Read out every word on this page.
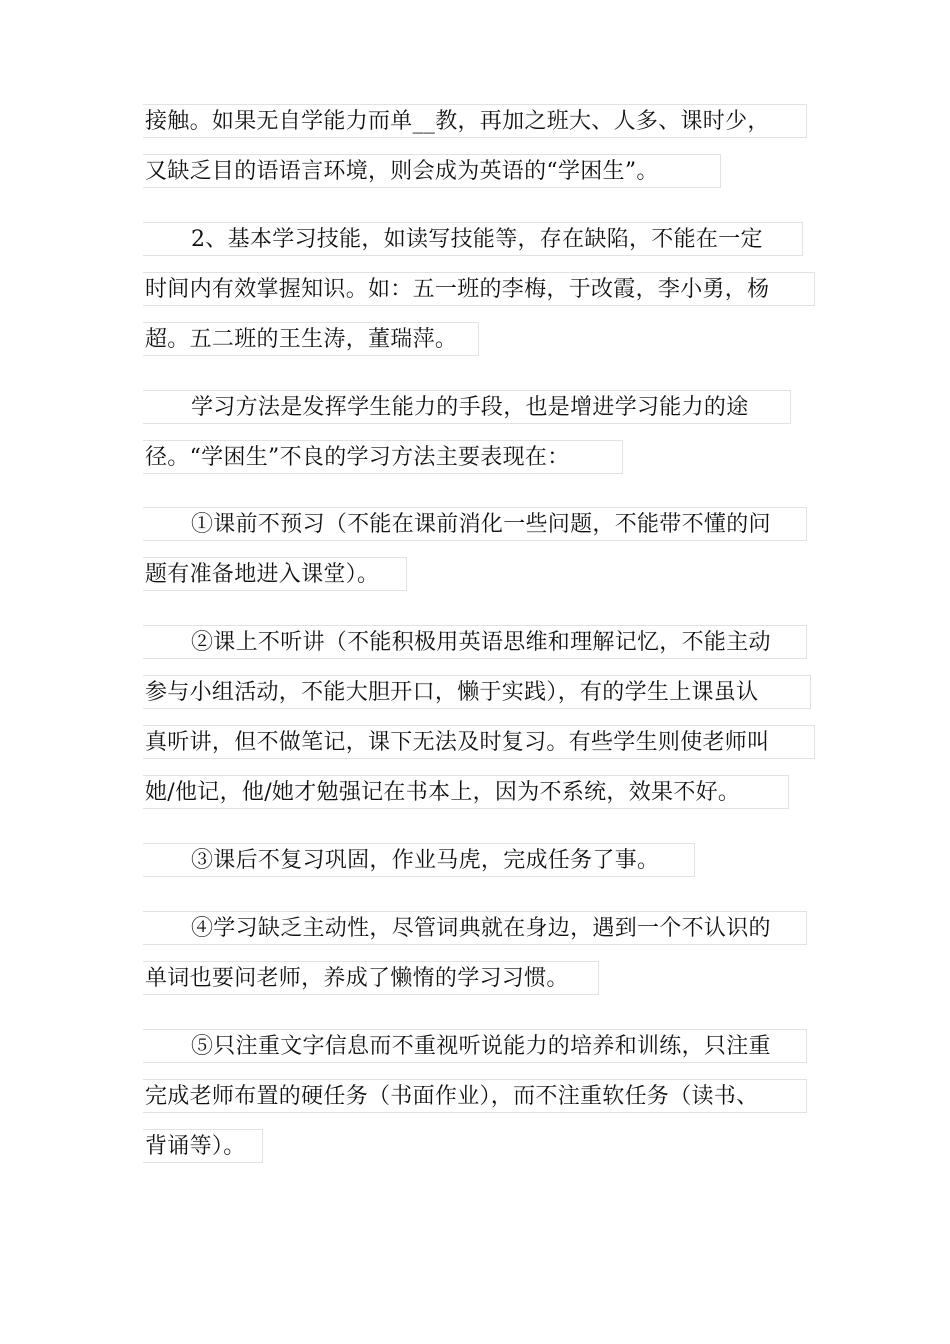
接触。如果无自学能力而单__教，再加之班大、人多、课时少，
又缺乏目的语语言环境，则会成为英语的“学困生”。
2、基本学习技能，如读写技能等，存在缺陷，不能在一定
时间内有效掌握知识。如：五一班的李梅，于改霞，李小勇，杨
超。五二班的王生涛，董瑞萍。
学习方法是发挥学生能力的手段，也是增进学习能力的途
径。“学困生”不良的学习方法主要表现在：
①课前不预习（不能在课前消化一些问题，不能带不懂的问
题有准备地进入课堂）。
②课上不听讲（不能积极用英语思维和理解记忆，不能主动
参与小组活动，不能大胆开口，懒于实践），有的学生上课虽认
真听讲，但不做笔记，课下无法及时复习。有些学生则使老师叫
她/他记，他/她才勉强记在书本上，因为不系统，效果不好。
③课后不复习巩固，作业马虎，完成任务了事。
④学习缺乏主动性，尽管词典就在身边，遇到一个不认识的
单词也要问老师，养成了懒惰的学习习惯。
⑤只注重文字信息而不重视听说能力的培养和训练，只注重
完成老师布置的硬任务（书面作业），而不注重软任务（读书、
背诵等）。
